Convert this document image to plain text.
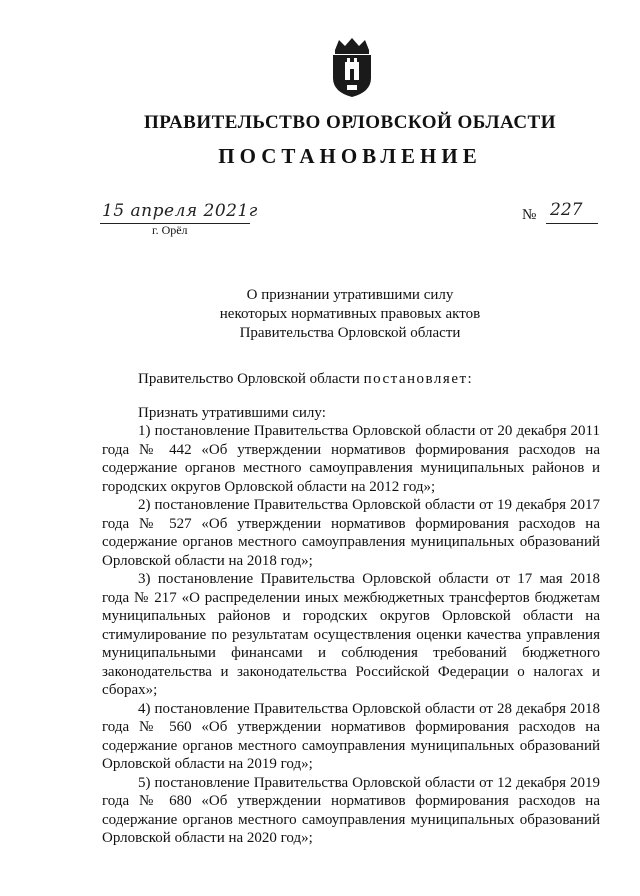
ПРАВИТЕЛЬСТВО ОРЛОВСКОЙ ОБЛАСТИ
ПОСТАНОВЛЕНИЕ
15 апреля 2021г
г. Орёл
№ 227
О признании утратившими силу
некоторых нормативных правовых актов
Правительства Орловской области

Правительство Орловской области постановляет:

Признать утратившими силу:

1) постановление Правительства Орловской области от 20 декабря 2011 года № 442 «Об утверждении нормативов формирования расходов на содержание органов местного самоуправления муниципальных районов и городских округов Орловской области на 2012 год»;

2) постановление Правительства Орловской области от 19 декабря 2017 года № 527 «Об утверждении нормативов формирования расходов на содержание органов местного самоуправления муниципальных образований Орловской области на 2018 год»;

3) постановление Правительства Орловской области от 17 мая 2018 года № 217 «О распределении иных межбюджетных трансфертов бюджетам муниципальных районов и городских округов Орловской области на стимулирование по результатам осуществления оценки качества управления муниципальными финансами и соблюдения требований бюджетного законодательства и законодательства Российской Федерации о налогах и сборах»;

4) постановление Правительства Орловской области от 28 декабря 2018 года № 560 «Об утверждении нормативов формирования расходов на содержание органов местного самоуправления муниципальных образований Орловской области на 2019 год»;

5) постановление Правительства Орловской области от 12 декабря 2019 года № 680 «Об утверждении нормативов формирования расходов на содержание органов местного самоуправления муниципальных образований Орловской области на 2020 год»;
